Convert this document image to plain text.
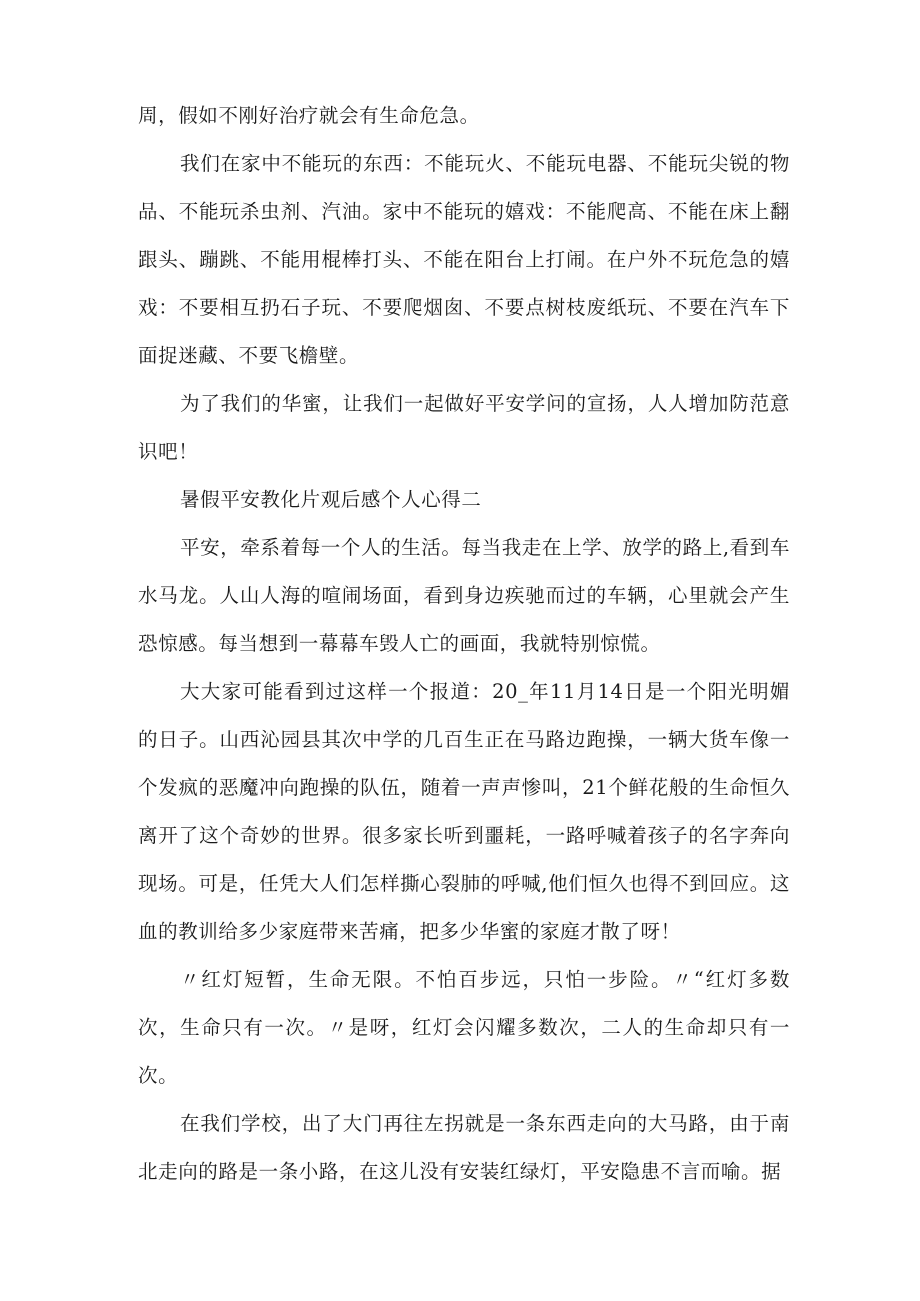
周，假如不刚好治疗就会有生命危急。

我们在家中不能玩的东西：不能玩火、不能玩电器、不能玩尖锐的物品、不能玩杀虫剂、汽油。家中不能玩的嬉戏：不能爬高、不能在床上翻跟头、蹦跳、不能用棍棒打头、不能在阳台上打闹。在户外不玩危急的嬉戏：不要相互扔石子玩、不要爬烟囱、不要点树枝废纸玩、不要在汽车下面捉迷藏、不要飞檐壁。

为了我们的华蜜，让我们一起做好平安学问的宣扬，人人增加防范意识吧！

暑假平安教化片观后感个人心得二

平安，牵系着每一个人的生活。每当我走在上学、放学的路上,看到车水马龙。人山人海的喧闹场面，看到身边疾驰而过的车辆，心里就会产生恐惊感。每当想到一幕幕车毁人亡的画面，我就特别惊慌。

大大家可能看到过这样一个报道：20_年11月14日是一个阳光明媚的日子。山西沁园县其次中学的几百生正在马路边跑操，一辆大货车像一个发疯的恶魔冲向跑操的队伍，随着一声声惨叫，21个鲜花般的生命恒久离开了这个奇妙的世界。很多家长听到噩耗，一路呼喊着孩子的名字奔向现场。可是，任凭大人们怎样撕心裂肺的呼喊,他们恒久也得不到回应。这血的教训给多少家庭带来苦痛，把多少华蜜的家庭才散了呀！

〃红灯短暂，生命无限。不怕百步远，只怕一步险。〃“红灯多数次，生命只有一次。〃是呀，红灯会闪耀多数次，二人的生命却只有一次。

在我们学校，出了大门再往左拐就是一条东西走向的大马路，由于南北走向的路是一条小路，在这儿没有安装红绿灯，平安隐患不言而喻。据
